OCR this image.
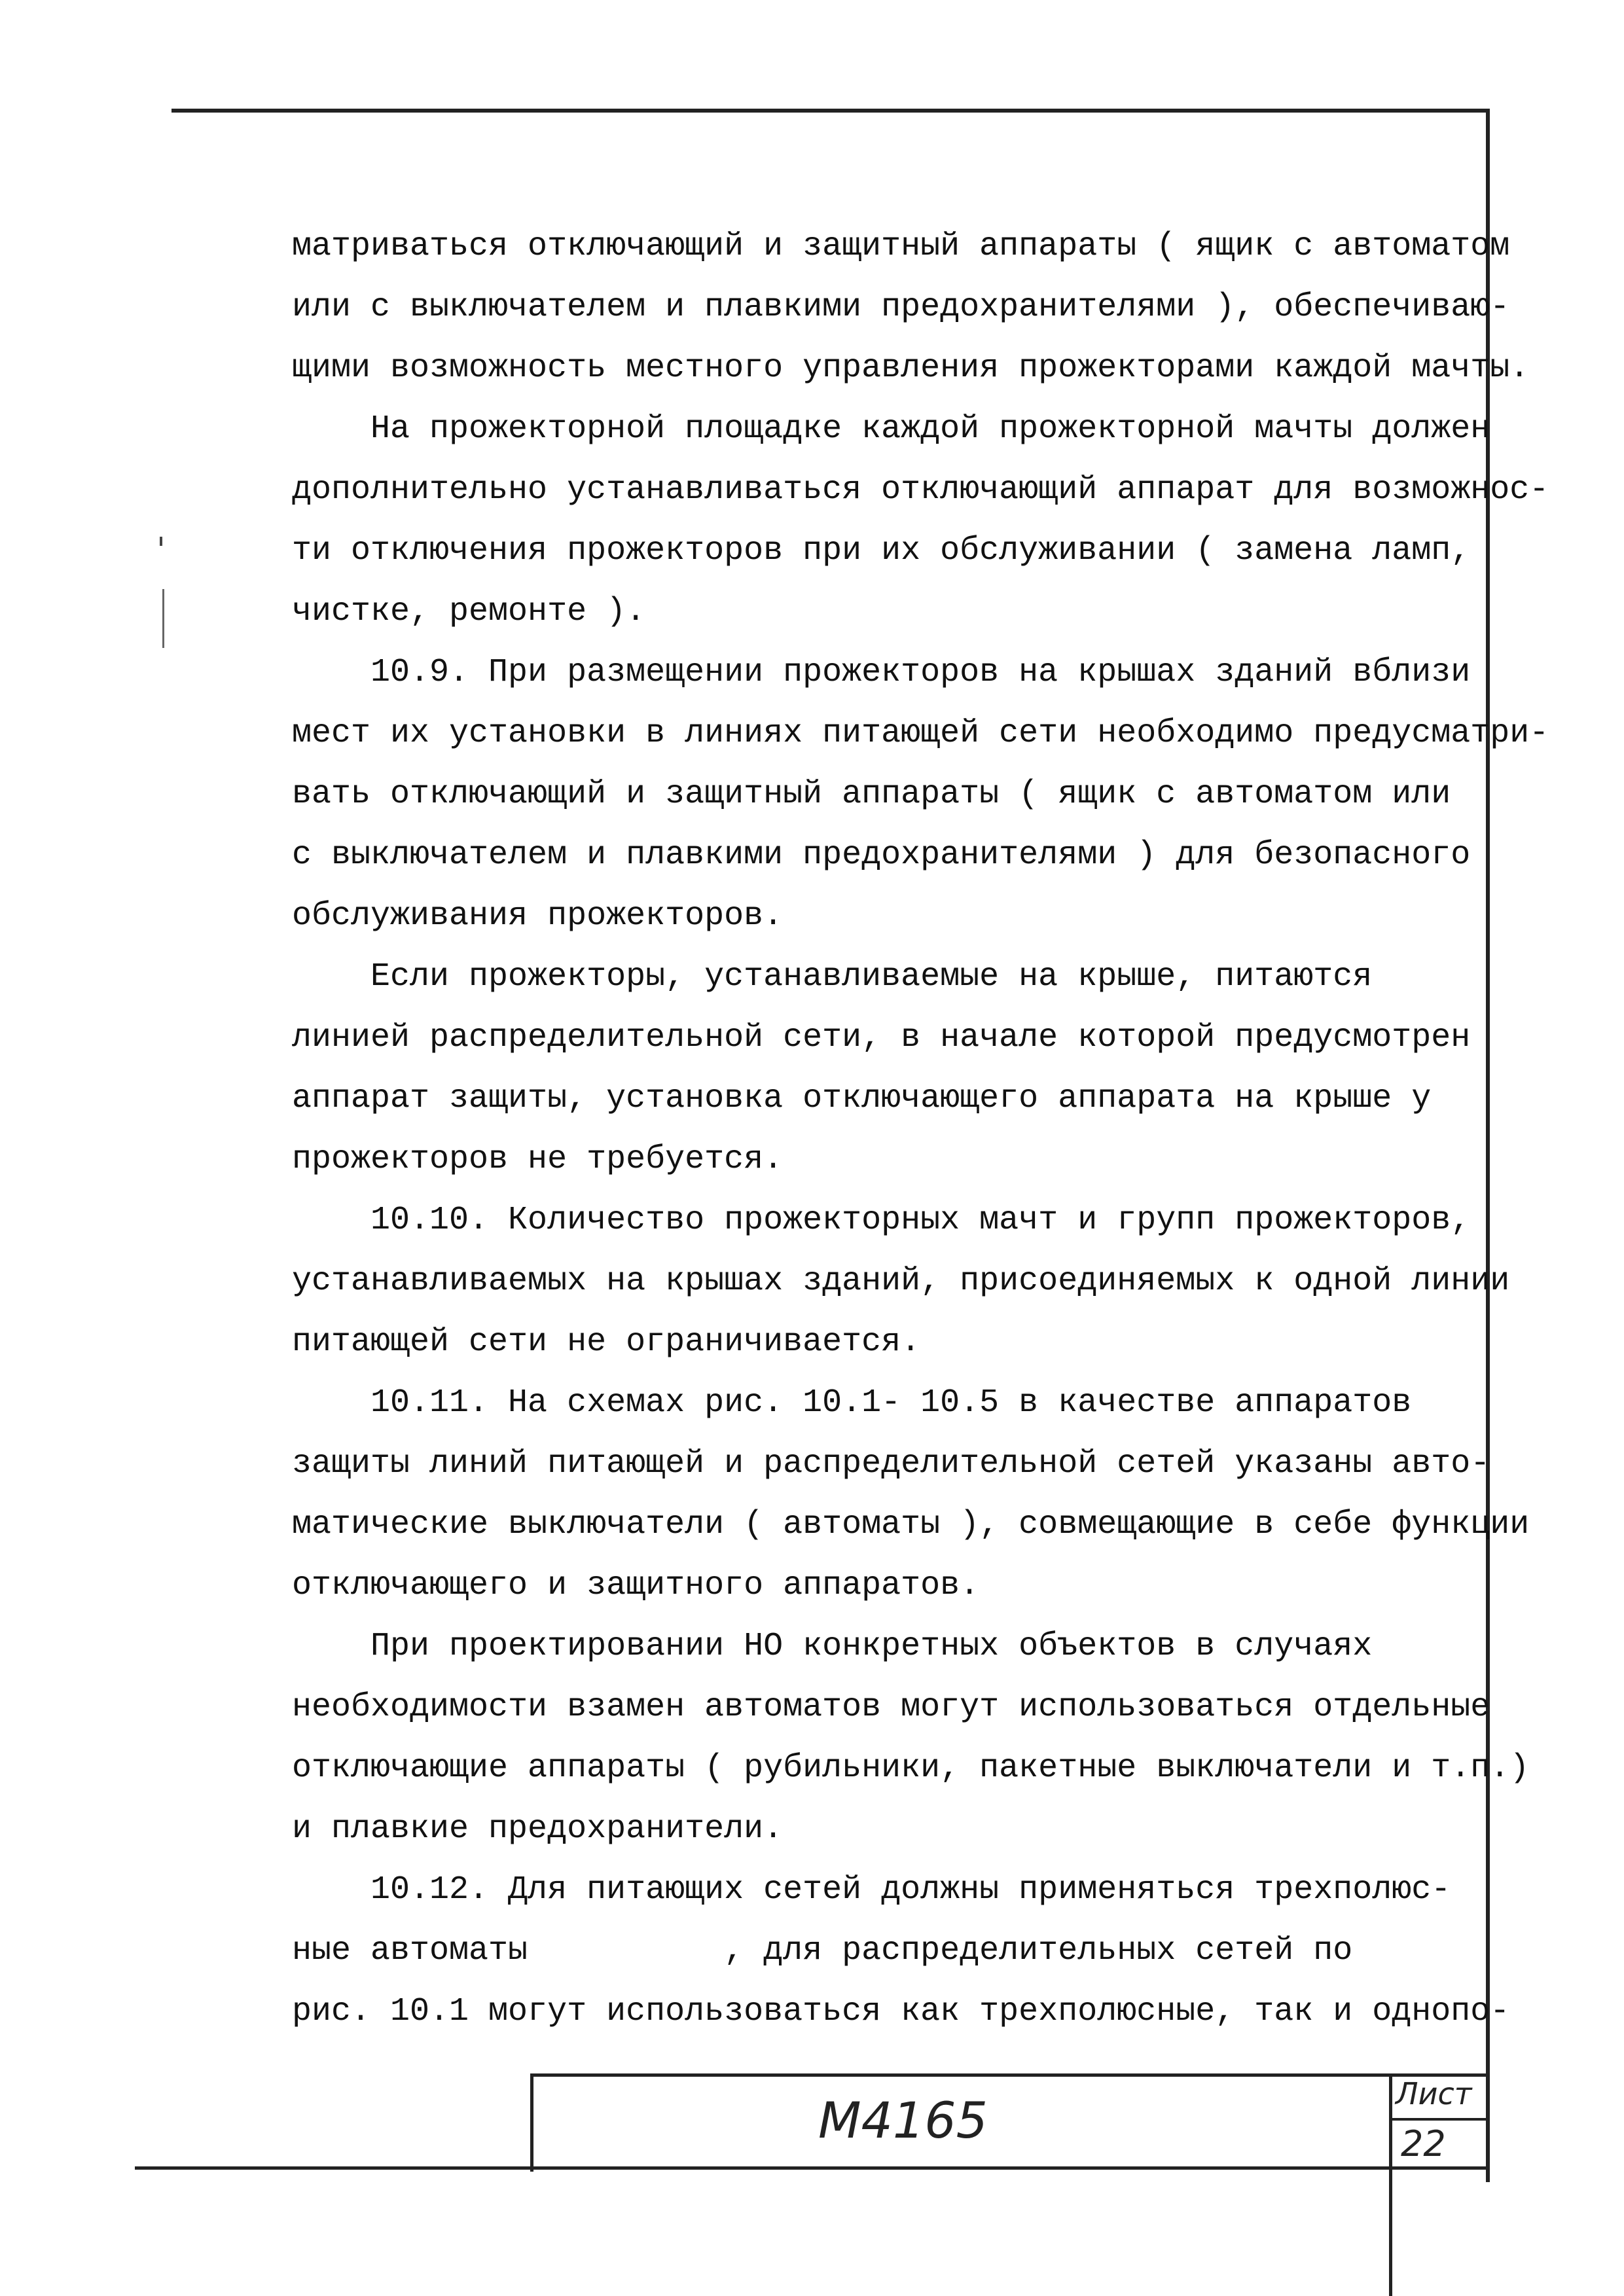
матриваться отключающий и защитный аппараты ( ящик с автоматом
или с выключателем и плавкими предохранителями ), обеспечиваю-
щими возможность местного управления прожекторами каждой мачты.
На прожекторной площадке каждой прожекторной мачты должен
дополнительно устанавливаться отключающий аппарат для возможнос-
ти отключения прожекторов при их обслуживании ( замена ламп,
чистке, ремонте ).
10.9. При размещении прожекторов на крышах зданий вблизи
мест их установки в линиях питающей сети необходимо предусматри-
вать отключающий и защитный аппараты ( ящик с автоматом или
с выключателем и плавкими предохранителями ) для безопасного
обслуживания прожекторов.
Если прожекторы, устанавливаемые на крыше, питаются
линией распределительной сети, в начале которой предусмотрен
аппарат защиты, установка отключающего аппарата на крыше у
прожекторов не требуется.
10.10. Количество прожекторных мачт и групп прожекторов,
устанавливаемых на крышах зданий, присоединяемых к одной линии
питающей сети не ограничивается.
10.11. На схемах рис. 10.1- 10.5 в качестве аппаратов
защиты линий питающей и распределительной сетей указаны авто-
матические выключатели ( автоматы ), совмещающие в себе функции
отключающего и защитного аппаратов.
При проектировании НО конкретных объектов в случаях
необходимости взамен автоматов могут использоваться отдельные
отключающие аппараты ( рубильники, пакетные выключатели и т.п.)
и плавкие предохранители.
10.12. Для питающих сетей должны применяться трехполюс-
ные автоматы          , для распределительных сетей по
рис. 10.1 могут использоваться как трехполюсные, так и однопо-
М4165	Лист
22
